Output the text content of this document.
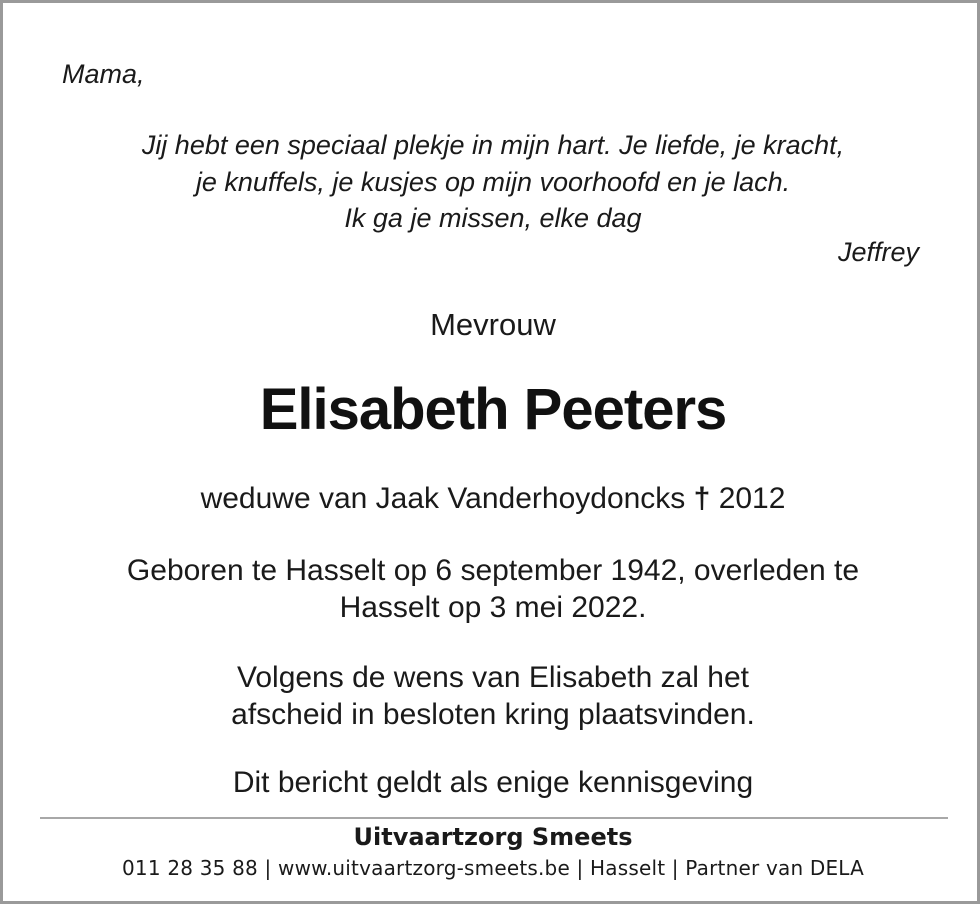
Mama,
Jij hebt een speciaal plekje in mijn hart. Je liefde, je kracht,
je knuffels, je kusjes op mijn voorhoofd en je lach.
Ik ga je missen, elke dag
Jeffrey
Mevrouw
Elisabeth Peeters
weduwe van Jaak Vanderhoydoncks † 2012
Geboren te Hasselt op 6 september 1942, overleden te
Hasselt op 3 mei 2022.
Volgens de wens van Elisabeth zal het
afscheid in besloten kring plaatsvinden.
Dit bericht geldt als enige kennisgeving
Uitvaartzorg Smeets
011 28 35 88 | www.uitvaartzorg-smeets.be | Hasselt | Partner van DELA
